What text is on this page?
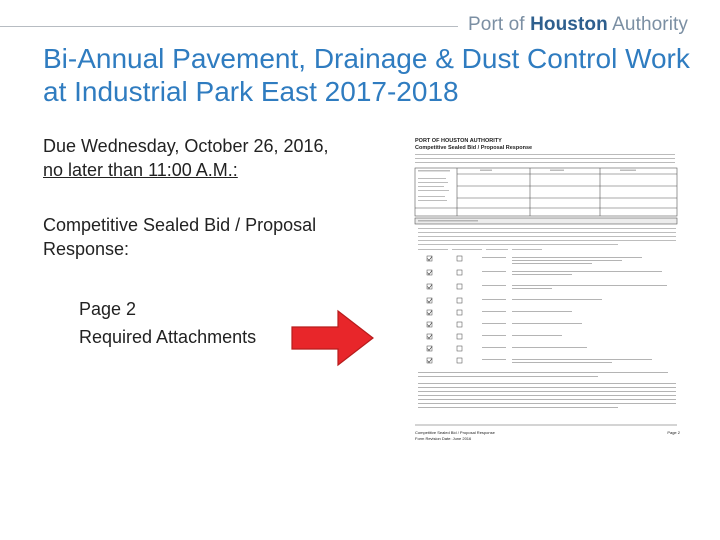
Port of Houston Authority
Bi-Annual Pavement, Drainage & Dust Control Work at Industrial Park East 2017-2018
Due Wednesday, October 26, 2016,
no later than 11:00 A.M.:
Competitive Sealed Bid / Proposal
Response:
Page 2
Required Attachments
PORT OF HOUSTON AUTHORITY
Competitive Sealed Bid / Proposal Response
Competitive Sealed Bid / Proposal Response
Form Revision Date: June 2016
Page 2
